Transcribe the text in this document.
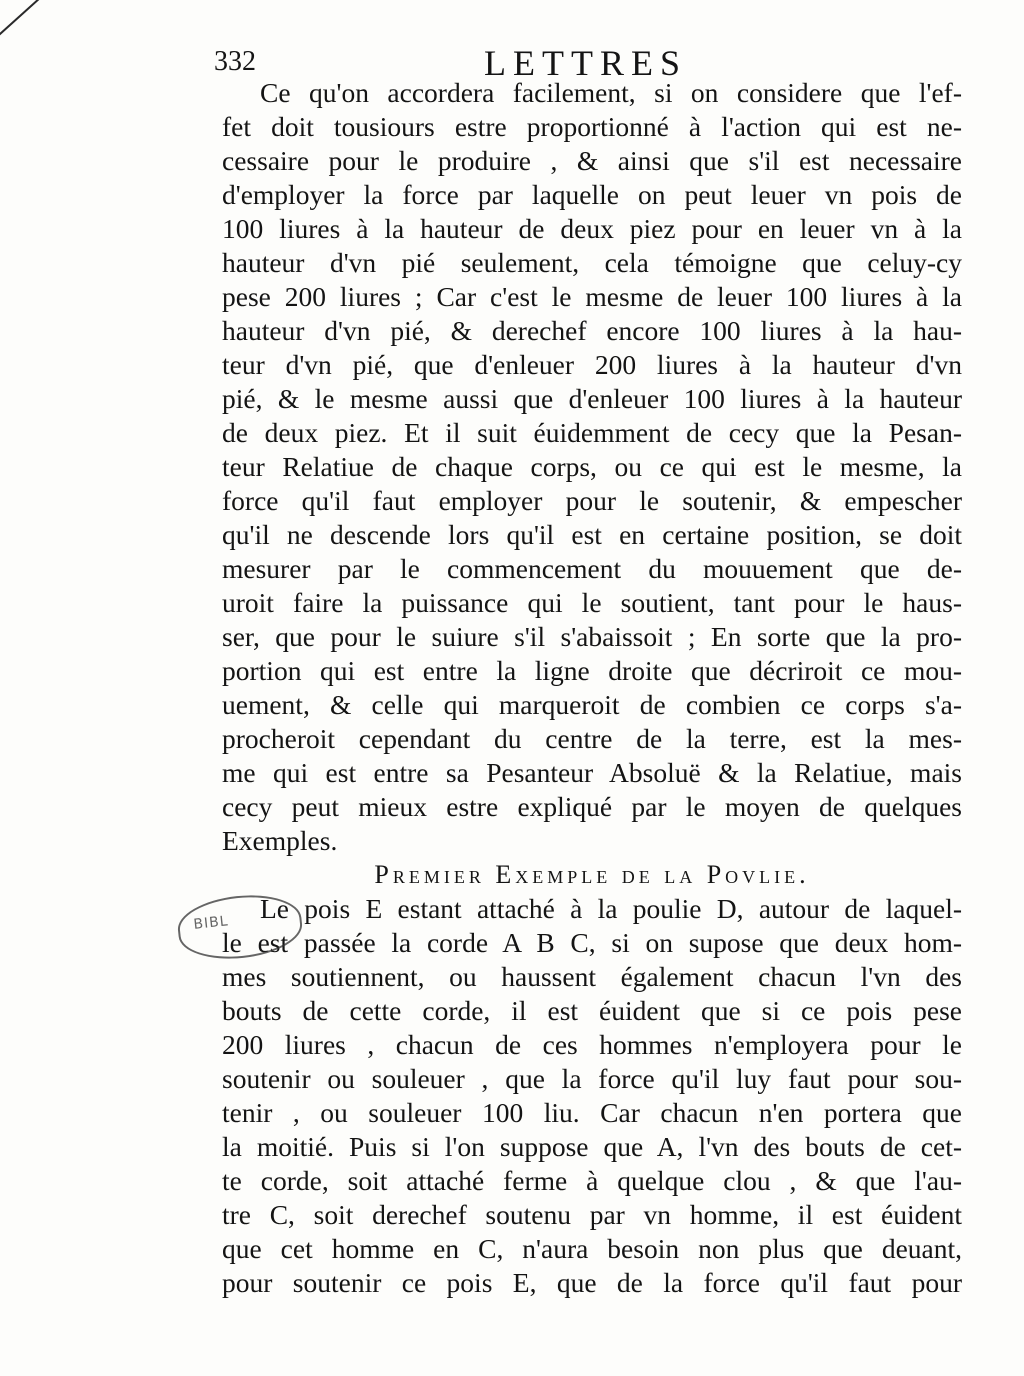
332	LETTRES
Ce qu'on accordera facilement, si on considere que l'ef-
fet doit tousiours estre proportionné à l'action qui est ne-
cessaire pour le produire , & ainsi que s'il est necessaire
d'employer la force par laquelle on peut leuer vn pois de
100 liures à la hauteur de deux piez pour en leuer vn à la
hauteur d'vn pié seulement, cela témoigne que celuy-cy
pese 200 liures ; Car c'est le mesme de leuer 100 liures à la
hauteur d'vn pié, & derechef encore 100 liures à la hau-
teur d'vn pié, que d'enleuer 200 liures à la hauteur d'vn
pié, & le mesme aussi que d'enleuer 100 liures à la hauteur
de deux piez. Et il suit éuidemment de cecy que la Pesan-
teur Relatiue de chaque corps, ou ce qui est le mesme, la
force qu'il faut employer pour le soutenir, & empescher
qu'il ne descende lors qu'il est en certaine position, se doit
mesurer par le commencement du mouuement que de-
uroit faire la puissance qui le soutient, tant pour le haus-
ser, que pour le suiure s'il s'abaissoit ; En sorte que la pro-
portion qui est entre la ligne droite que décriroit ce mou-
uement, & celle qui marqueroit de combien ce corps s'a-
procheroit cependant du centre de la terre, est la mes-
me qui est entre sa Pesanteur Absoluë & la Relatiue, mais
cecy peut mieux estre expliqué par le moyen de quelques
Exemples.
Premier Exemple de la Povlie.
Le pois E estant attaché à la poulie D, autour de laquel-
le est passée la corde A B C, si on supose que deux hom-
mes soutiennent, ou haussent également chacun l'vn des
bouts de cette corde, il est éuident que si ce pois pese
200 liures , chacun de ces hommes n'employera pour le
soutenir ou souleuer , que la force qu'il luy faut pour sou-
tenir , ou souleuer 100 liu. Car chacun n'en portera que
la moitié. Puis si l'on suppose que A, l'vn des bouts de cet-
te corde, soit attaché ferme à quelque clou , & que l'au-
tre C, soit derechef soutenu par vn homme, il est éuident
que cet homme en C, n'aura besoin non plus que deuant,
pour soutenir ce pois E, que de la force qu'il faut pour
BIBL
